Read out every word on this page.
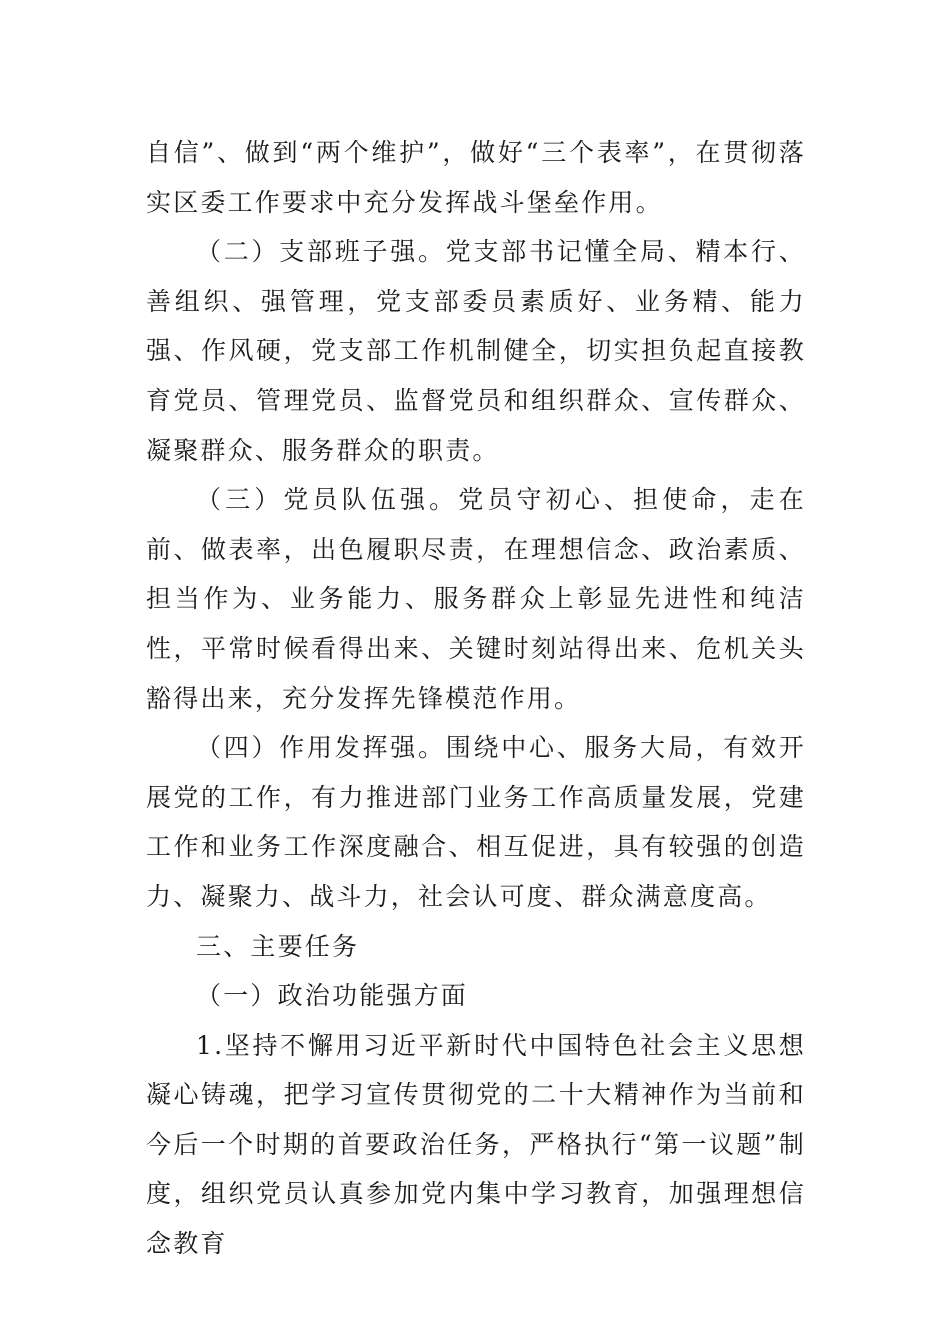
自信”、做到“两个维护”，做好“三个表率”，在贯彻落实区委工作要求中充分发挥战斗堡垒作用。

（二）支部班子强。党支部书记懂全局、精本行、善组织、强管理，党支部委员素质好、业务精、能力强、作风硬，党支部工作机制健全，切实担负起直接教育党员、管理党员、监督党员和组织群众、宣传群众、凝聚群众、服务群众的职责。

（三）党员队伍强。党员守初心、担使命，走在前、做表率，出色履职尽责，在理想信念、政治素质、担当作为、业务能力、服务群众上彰显先进性和纯洁性，平常时候看得出来、关键时刻站得出来、危机关头豁得出来，充分发挥先锋模范作用。

（四）作用发挥强。围绕中心、服务大局，有效开展党的工作，有力推进部门业务工作高质量发展，党建工作和业务工作深度融合、相互促进，具有较强的创造力、凝聚力、战斗力，社会认可度、群众满意度高。

三、主要任务

（一）政治功能强方面

1.坚持不懈用习近平新时代中国特色社会主义思想凝心铸魂，把学习宣传贯彻党的二十大精神作为当前和今后一个时期的首要政治任务，严格执行“第一议题”制度，组织党员认真参加党内集中学习教育，加强理想信念教育
